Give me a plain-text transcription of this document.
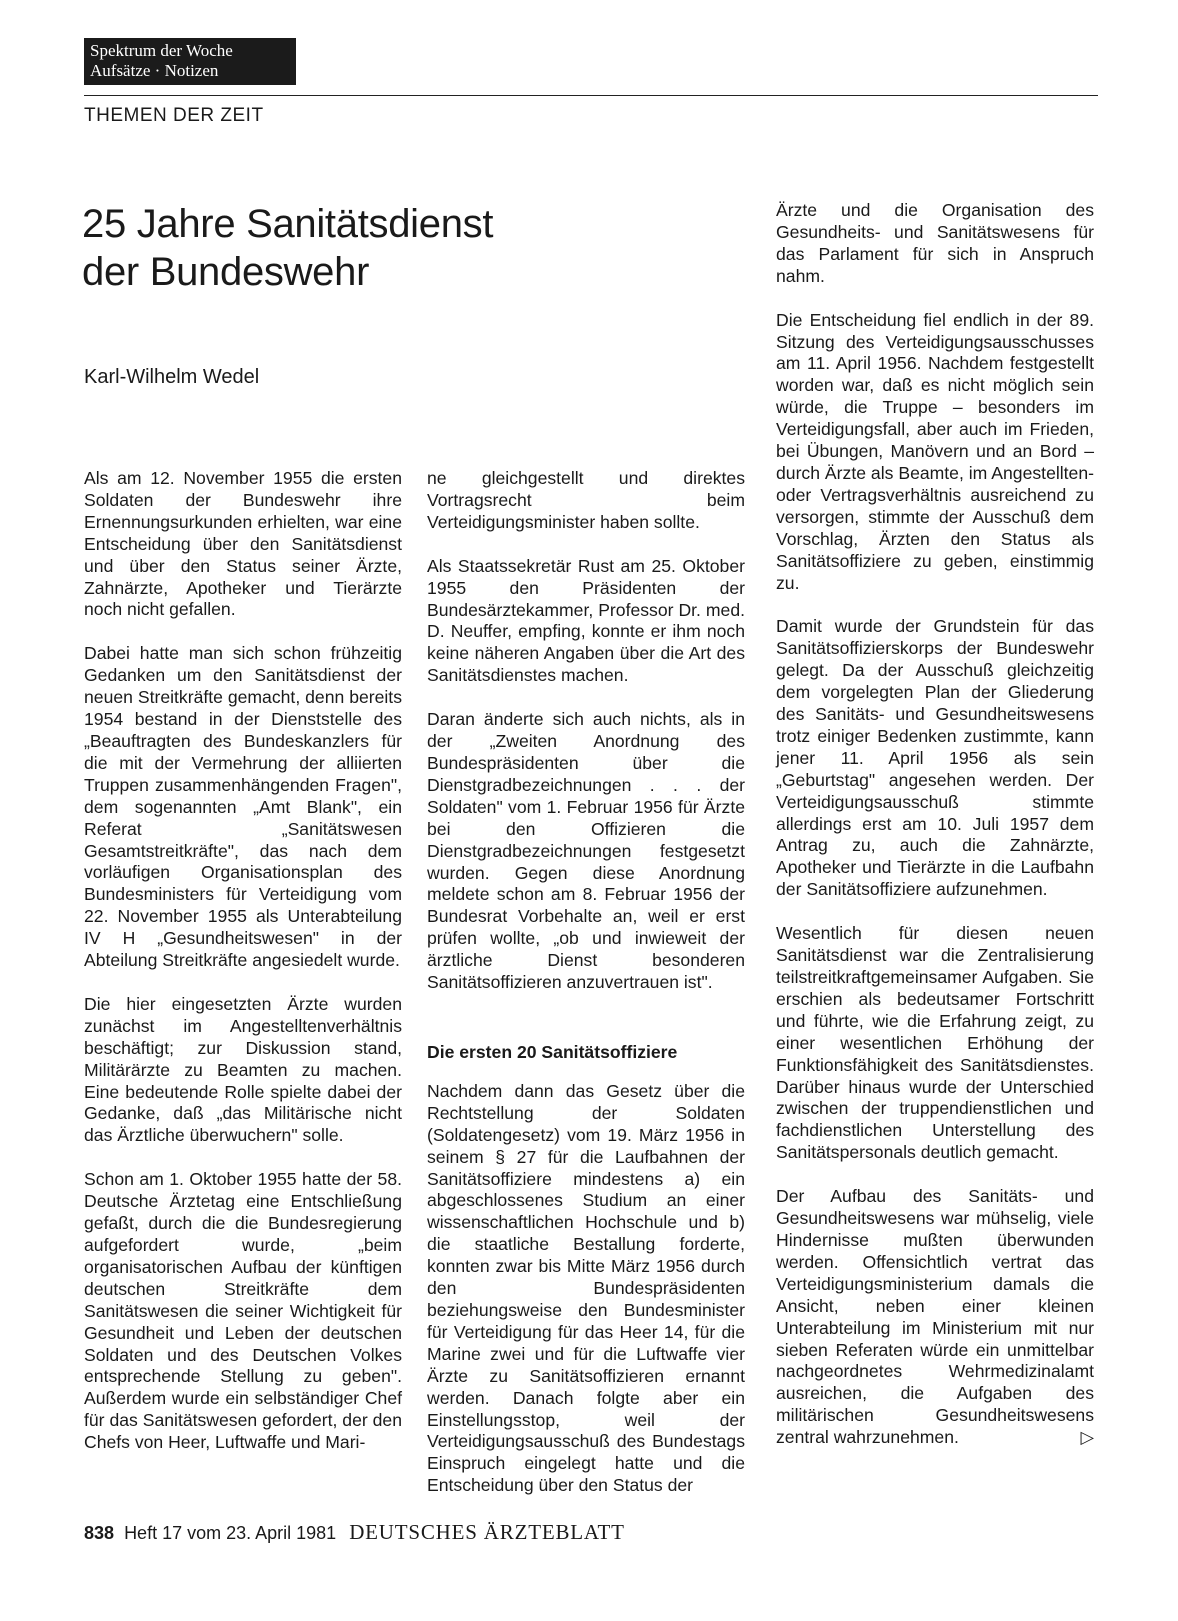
Spektrum der Woche
Aufsätze · Notizen
THEMEN DER ZEIT
25 Jahre Sanitätsdienst
der Bundeswehr
Karl-Wilhelm Wedel

Als am 12. November 1955 die ersten Soldaten der Bundeswehr ihre Ernennungsurkunden erhielten, war eine Entscheidung über den Sanitätsdienst und über den Status seiner Ärzte, Zahnärzte, Apotheker und Tierärzte noch nicht gefallen.

Dabei hatte man sich schon frühzeitig Gedanken um den Sanitätsdienst der neuen Streitkräfte gemacht, denn bereits 1954 bestand in der Dienststelle des „Beauftragten des Bundeskanzlers für die mit der Vermehrung der alliierten Truppen zusammenhängenden Fragen", dem sogenannten „Amt Blank", ein Referat „Sanitätswesen Gesamtstreitkräfte", das nach dem vorläufigen Organisationsplan des Bundesministers für Verteidigung vom 22. November 1955 als Unterabteilung IV H „Gesundheitswesen" in der Abteilung Streitkräfte angesiedelt wurde.

Die hier eingesetzten Ärzte wurden zunächst im Angestelltenverhältnis beschäftigt; zur Diskussion stand, Militärärzte zu Beamten zu machen. Eine bedeutende Rolle spielte dabei der Gedanke, daß „das Militärische nicht das Ärztliche überwuchern" solle.

Schon am 1. Oktober 1955 hatte der 58. Deutsche Ärztetag eine Entschließung gefaßt, durch die die Bundesregierung aufgefordert wurde, „beim organisatorischen Aufbau der künftigen deutschen Streitkräfte dem Sanitätswesen die seiner Wichtigkeit für Gesundheit und Leben der deutschen Soldaten und des Deutschen Volkes entsprechende Stellung zu geben". Außerdem wurde ein selbständiger Chef für das Sanitätswesen gefordert, der den Chefs von Heer, Luftwaffe und Mari-

ne gleichgestellt und direktes Vortragsrecht beim Verteidigungsminister haben sollte.

Als Staatssekretär Rust am 25. Oktober 1955 den Präsidenten der Bundesärztekammer, Professor Dr. med. D. Neuffer, empfing, konnte er ihm noch keine näheren Angaben über die Art des Sanitätsdienstes machen.

Daran änderte sich auch nichts, als in der „Zweiten Anordnung des Bundespräsidenten über die Dienstgradbezeichnungen . . . der Soldaten" vom 1. Februar 1956 für Ärzte bei den Offizieren die Dienstgradbezeichnungen festgesetzt wurden. Gegen diese Anordnung meldete schon am 8. Februar 1956 der Bundesrat Vorbehalte an, weil er erst prüfen wollte, „ob und inwieweit der ärztliche Dienst besonderen Sanitätsoffizieren anzuvertrauen ist".

Die ersten 20 Sanitätsoffiziere

Nachdem dann das Gesetz über die Rechtstellung der Soldaten (Soldatengesetz) vom 19. März 1956 in seinem § 27 für die Laufbahnen der Sanitätsoffiziere mindestens a) ein abgeschlossenes Studium an einer wissenschaftlichen Hochschule und b) die staatliche Bestallung forderte, konnten zwar bis Mitte März 1956 durch den Bundespräsidenten beziehungsweise den Bundesminister für Verteidigung für das Heer 14, für die Marine zwei und für die Luftwaffe vier Ärzte zu Sanitätsoffizieren ernannt werden. Danach folgte aber ein Einstellungsstop, weil der Verteidigungsausschuß des Bundestags Einspruch eingelegt hatte und die Entscheidung über den Status der

Ärzte und die Organisation des Gesundheits- und Sanitätswesens für das Parlament für sich in Anspruch nahm.

Die Entscheidung fiel endlich in der 89. Sitzung des Verteidigungsausschusses am 11. April 1956. Nachdem festgestellt worden war, daß es nicht möglich sein würde, die Truppe – besonders im Verteidigungsfall, aber auch im Frieden, bei Übungen, Manövern und an Bord – durch Ärzte als Beamte, im Angestellten- oder Vertragsverhältnis ausreichend zu versorgen, stimmte der Ausschuß dem Vorschlag, Ärzten den Status als Sanitätsoffiziere zu geben, einstimmig zu.

Damit wurde der Grundstein für das Sanitätsoffizierskorps der Bundeswehr gelegt. Da der Ausschuß gleichzeitig dem vorgelegten Plan der Gliederung des Sanitäts- und Gesundheitswesens trotz einiger Bedenken zustimmte, kann jener 11. April 1956 als sein „Geburtstag" angesehen werden. Der Verteidigungsausschuß stimmte allerdings erst am 10. Juli 1957 dem Antrag zu, auch die Zahnärzte, Apotheker und Tierärzte in die Laufbahn der Sanitätsoffiziere aufzunehmen.

Wesentlich für diesen neuen Sanitätsdienst war die Zentralisierung teilstreitkraftgemeinsamer Aufgaben. Sie erschien als bedeutsamer Fortschritt und führte, wie die Erfahrung zeigt, zu einer wesentlichen Erhöhung der Funktionsfähigkeit des Sanitätsdienstes. Darüber hinaus wurde der Unterschied zwischen der truppendienstlichen und fachdienstlichen Unterstellung des Sanitätspersonals deutlich gemacht.

Der Aufbau des Sanitäts- und Gesundheitswesens war mühselig, viele Hindernisse mußten überwunden werden. Offensichtlich vertrat das Verteidigungsministerium damals die Ansicht, neben einer kleinen Unterabteilung im Ministerium mit nur sieben Referaten würde ein unmittelbar nachgeordnetes Wehrmedizinalamt ausreichen, die Aufgaben des militärischen Gesundheitswesens zentral wahrzunehmen.	▷

838 Heft 17 vom 23. April 1981 DEUTSCHES ÄRZTEBLATT
